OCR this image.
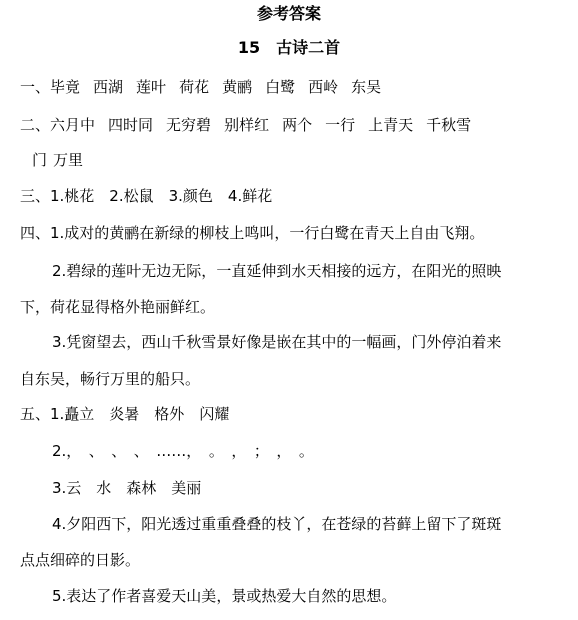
参考答案
15　古诗二首
一、毕竟 西湖 莲叶 荷花 黄鹂 白鹭 西岭 东吴
二、六月中 四时同 无穷碧 别样红 两个 一行 上青天 千秋雪
门 万里
三、1.桃花　2.松鼠　3.颜色　4.鲜花
四、1.成对的黄鹂在新绿的柳枝上鸣叫，一行白鹭在青天上自由飞翔。
2.碧绿的莲叶无边无际，一直延伸到水天相接的远方，在阳光的照映
下，荷花显得格外艳丽鲜红。
3.凭窗望去，西山千秋雪景好像是嵌在其中的一幅画，门外停泊着来
自东吴，畅行万里的船只。
五、1.矗立　炎暑　格外　闪耀
2.，　、　、　、　……，　。　，　；　，　。
3.云　水　森林　美丽
4.夕阳西下，阳光透过重重叠叠的枝丫，在苍绿的苔藓上留下了斑斑
点点细碎的日影。
5.表达了作者喜爱天山美，景或热爱大自然的思想。
